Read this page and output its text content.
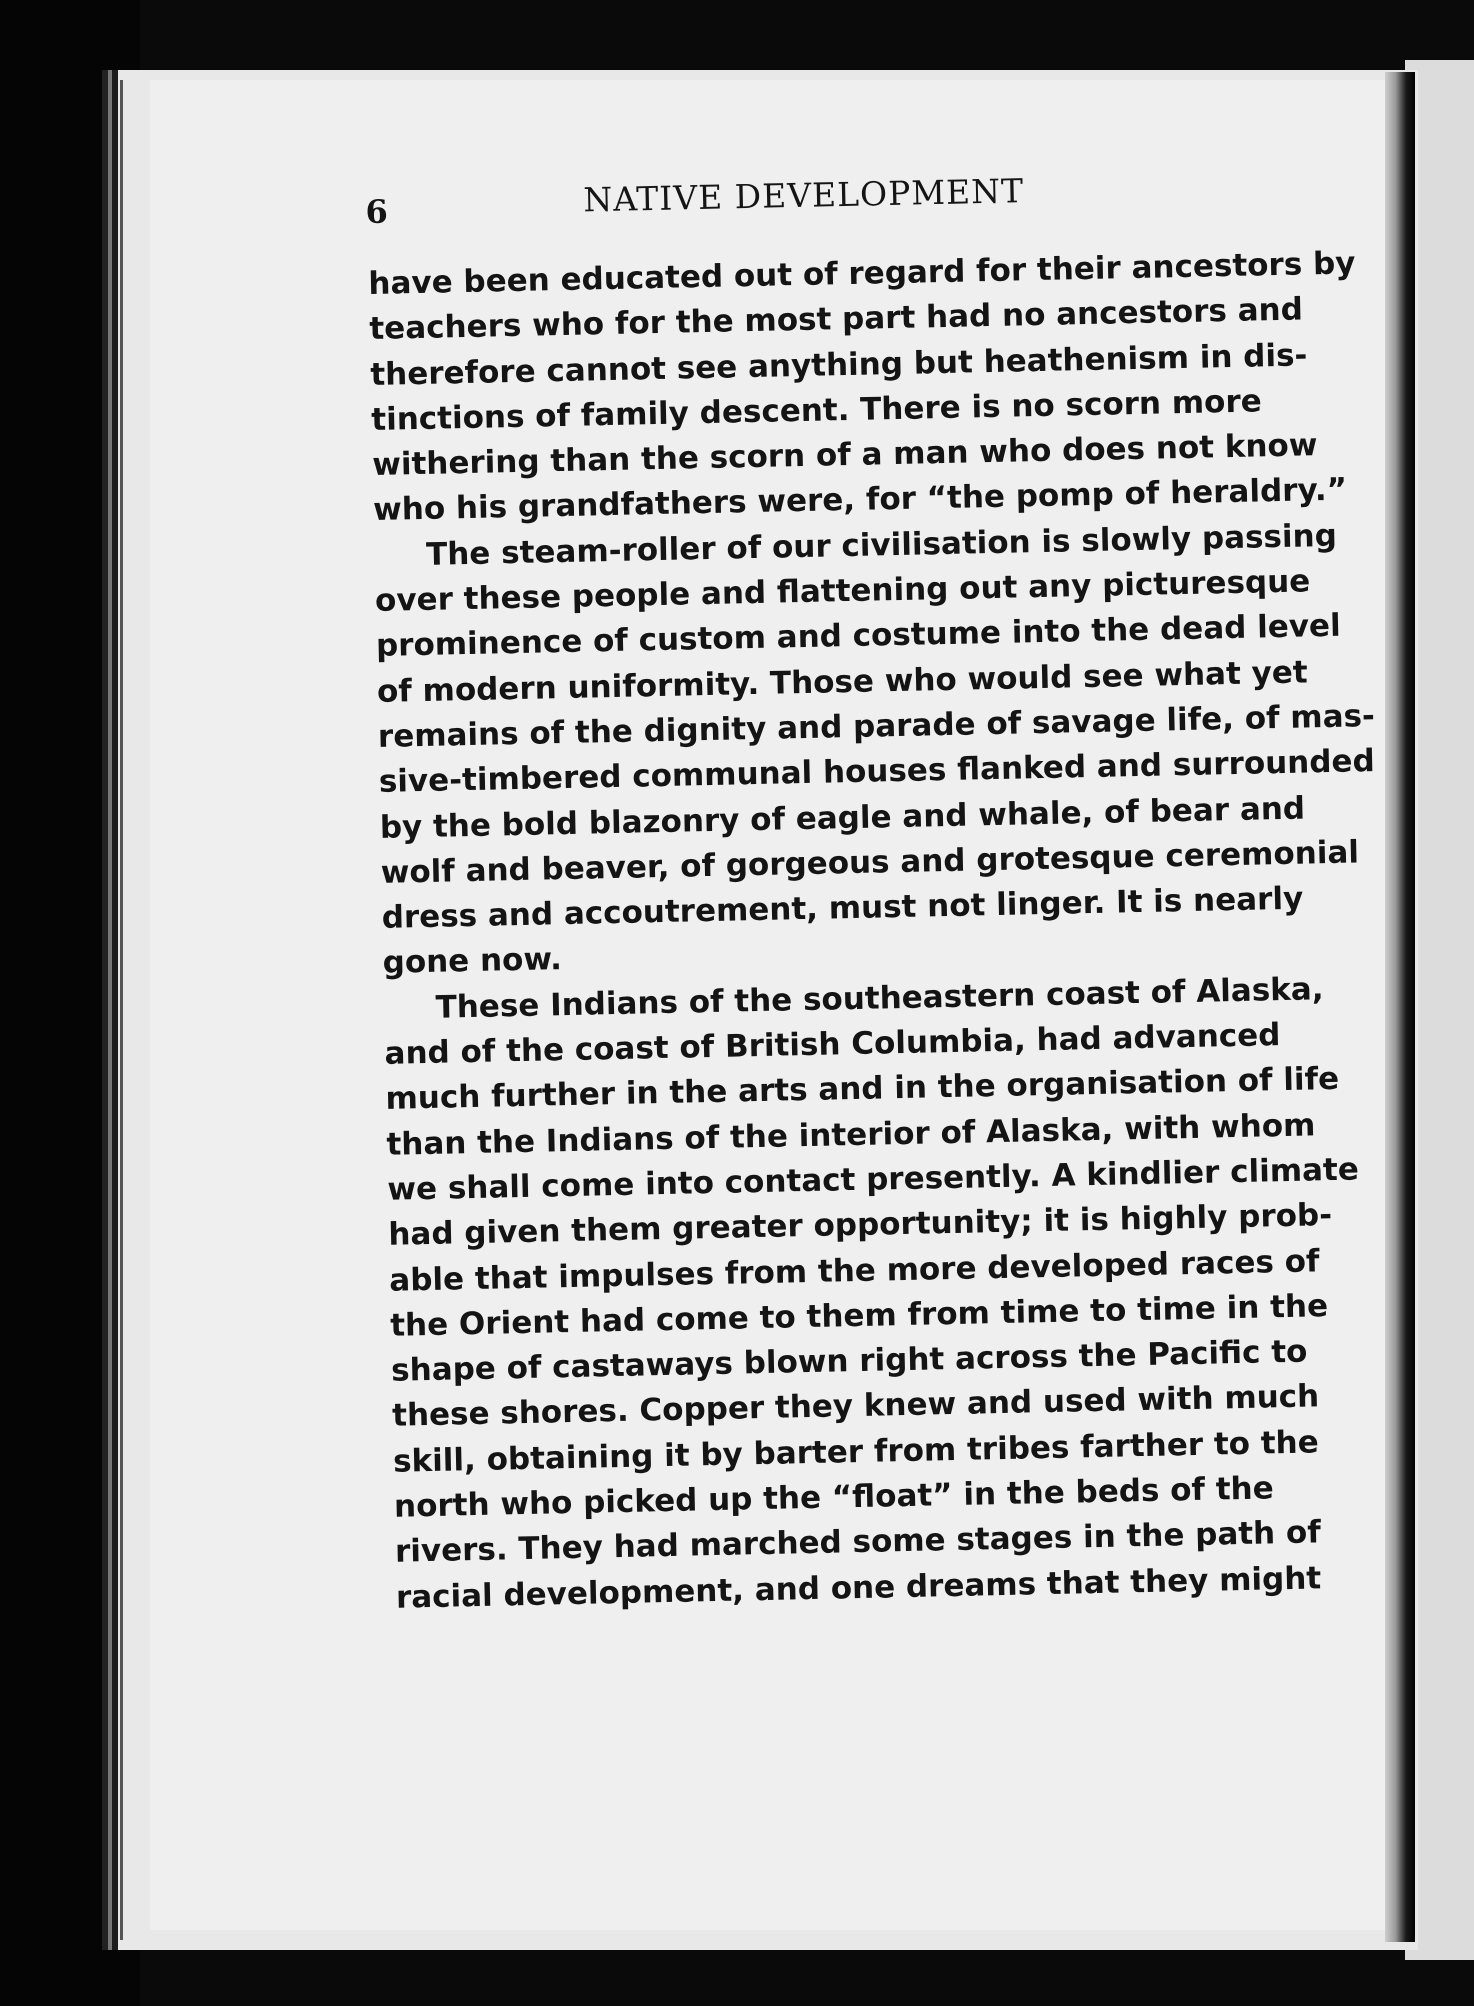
6	NATIVE DEVELOPMENT
have been educated out of regard for their ancestors by
teachers who for the most part had no ancestors and
therefore cannot see anything but heathenism in dis-
tinctions of family descent. There is no scorn more
withering than the scorn of a man who does not know
who his grandfathers were, for “the pomp of heraldry.”
The steam-roller of our civilisation is slowly passing
over these people and flattening out any picturesque
prominence of custom and costume into the dead level
of modern uniformity. Those who would see what yet
remains of the dignity and parade of savage life, of mas-
sive-timbered communal houses flanked and surrounded
by the bold blazonry of eagle and whale, of bear and
wolf and beaver, of gorgeous and grotesque ceremonial
dress and accoutrement, must not linger. It is nearly
gone now.
These Indians of the southeastern coast of Alaska,
and of the coast of British Columbia, had advanced
much further in the arts and in the organisation of life
than the Indians of the interior of Alaska, with whom
we shall come into contact presently. A kindlier climate
had given them greater opportunity; it is highly prob-
able that impulses from the more developed races of
the Orient had come to them from time to time in the
shape of castaways blown right across the Pacific to
these shores. Copper they knew and used with much
skill, obtaining it by barter from tribes farther to the
north who picked up the “float” in the beds of the
rivers. They had marched some stages in the path of
racial development, and one dreams that they might
